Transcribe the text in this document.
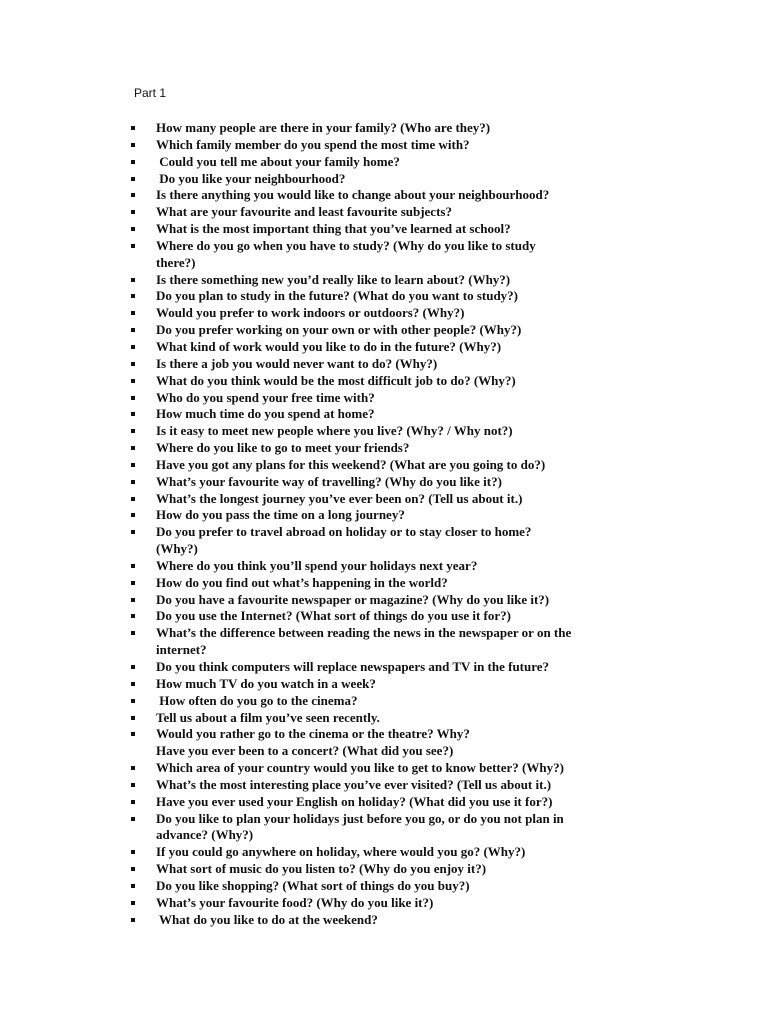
Part 1
How many people are there in your family? (Who are they?)
Which family member do you spend the most time with?
Could you tell me about your family home?
Do you like your neighbourhood?
Is there anything you would like to change about your neighbourhood?
What are your favourite and least favourite subjects?
What is the most important thing that you’ve learned at school?
Where do you go when you have to study? (Why do you like to study
there?)
Is there something new you’d really like to learn about? (Why?)
Do you plan to study in the future? (What do you want to study?)
Would you prefer to work indoors or outdoors? (Why?)
Do you prefer working on your own or with other people? (Why?)
What kind of work would you like to do in the future? (Why?)
Is there a job you would never want to do? (Why?)
What do you think would be the most difficult job to do? (Why?)
Who do you spend your free time with?
How much time do you spend at home?
Is it easy to meet new people where you live? (Why? / Why not?)
Where do you like to go to meet your friends?
Have you got any plans for this weekend? (What are you going to do?)
What’s your favourite way of travelling? (Why do you like it?)
What’s the longest journey you’ve ever been on? (Tell us about it.)
How do you pass the time on a long journey?
Do you prefer to travel abroad on holiday or to stay closer to home?
(Why?)
Where do you think you’ll spend your holidays next year?
How do you find out what’s happening in the world?
Do you have a favourite newspaper or magazine? (Why do you like it?)
Do you use the Internet? (What sort of things do you use it for?)
What’s the difference between reading the news in the newspaper or on the
internet?
Do you think computers will replace newspapers and TV in the future?
How much TV do you watch in a week?
How often do you go to the cinema?
Tell us about a film you’ve seen recently.
Would you rather go to the cinema or the theatre? Why?
Have you ever been to a concert? (What did you see?)
Which area of your country would you like to get to know better? (Why?)
What’s the most interesting place you’ve ever visited? (Tell us about it.)
Have you ever used your English on holiday? (What did you use it for?)
Do you like to plan your holidays just before you go, or do you not plan in
advance? (Why?)
If you could go anywhere on holiday, where would you go? (Why?)
What sort of music do you listen to? (Why do you enjoy it?)
Do you like shopping? (What sort of things do you buy?)
What’s your favourite food? (Why do you like it?)
What do you like to do at the weekend?
